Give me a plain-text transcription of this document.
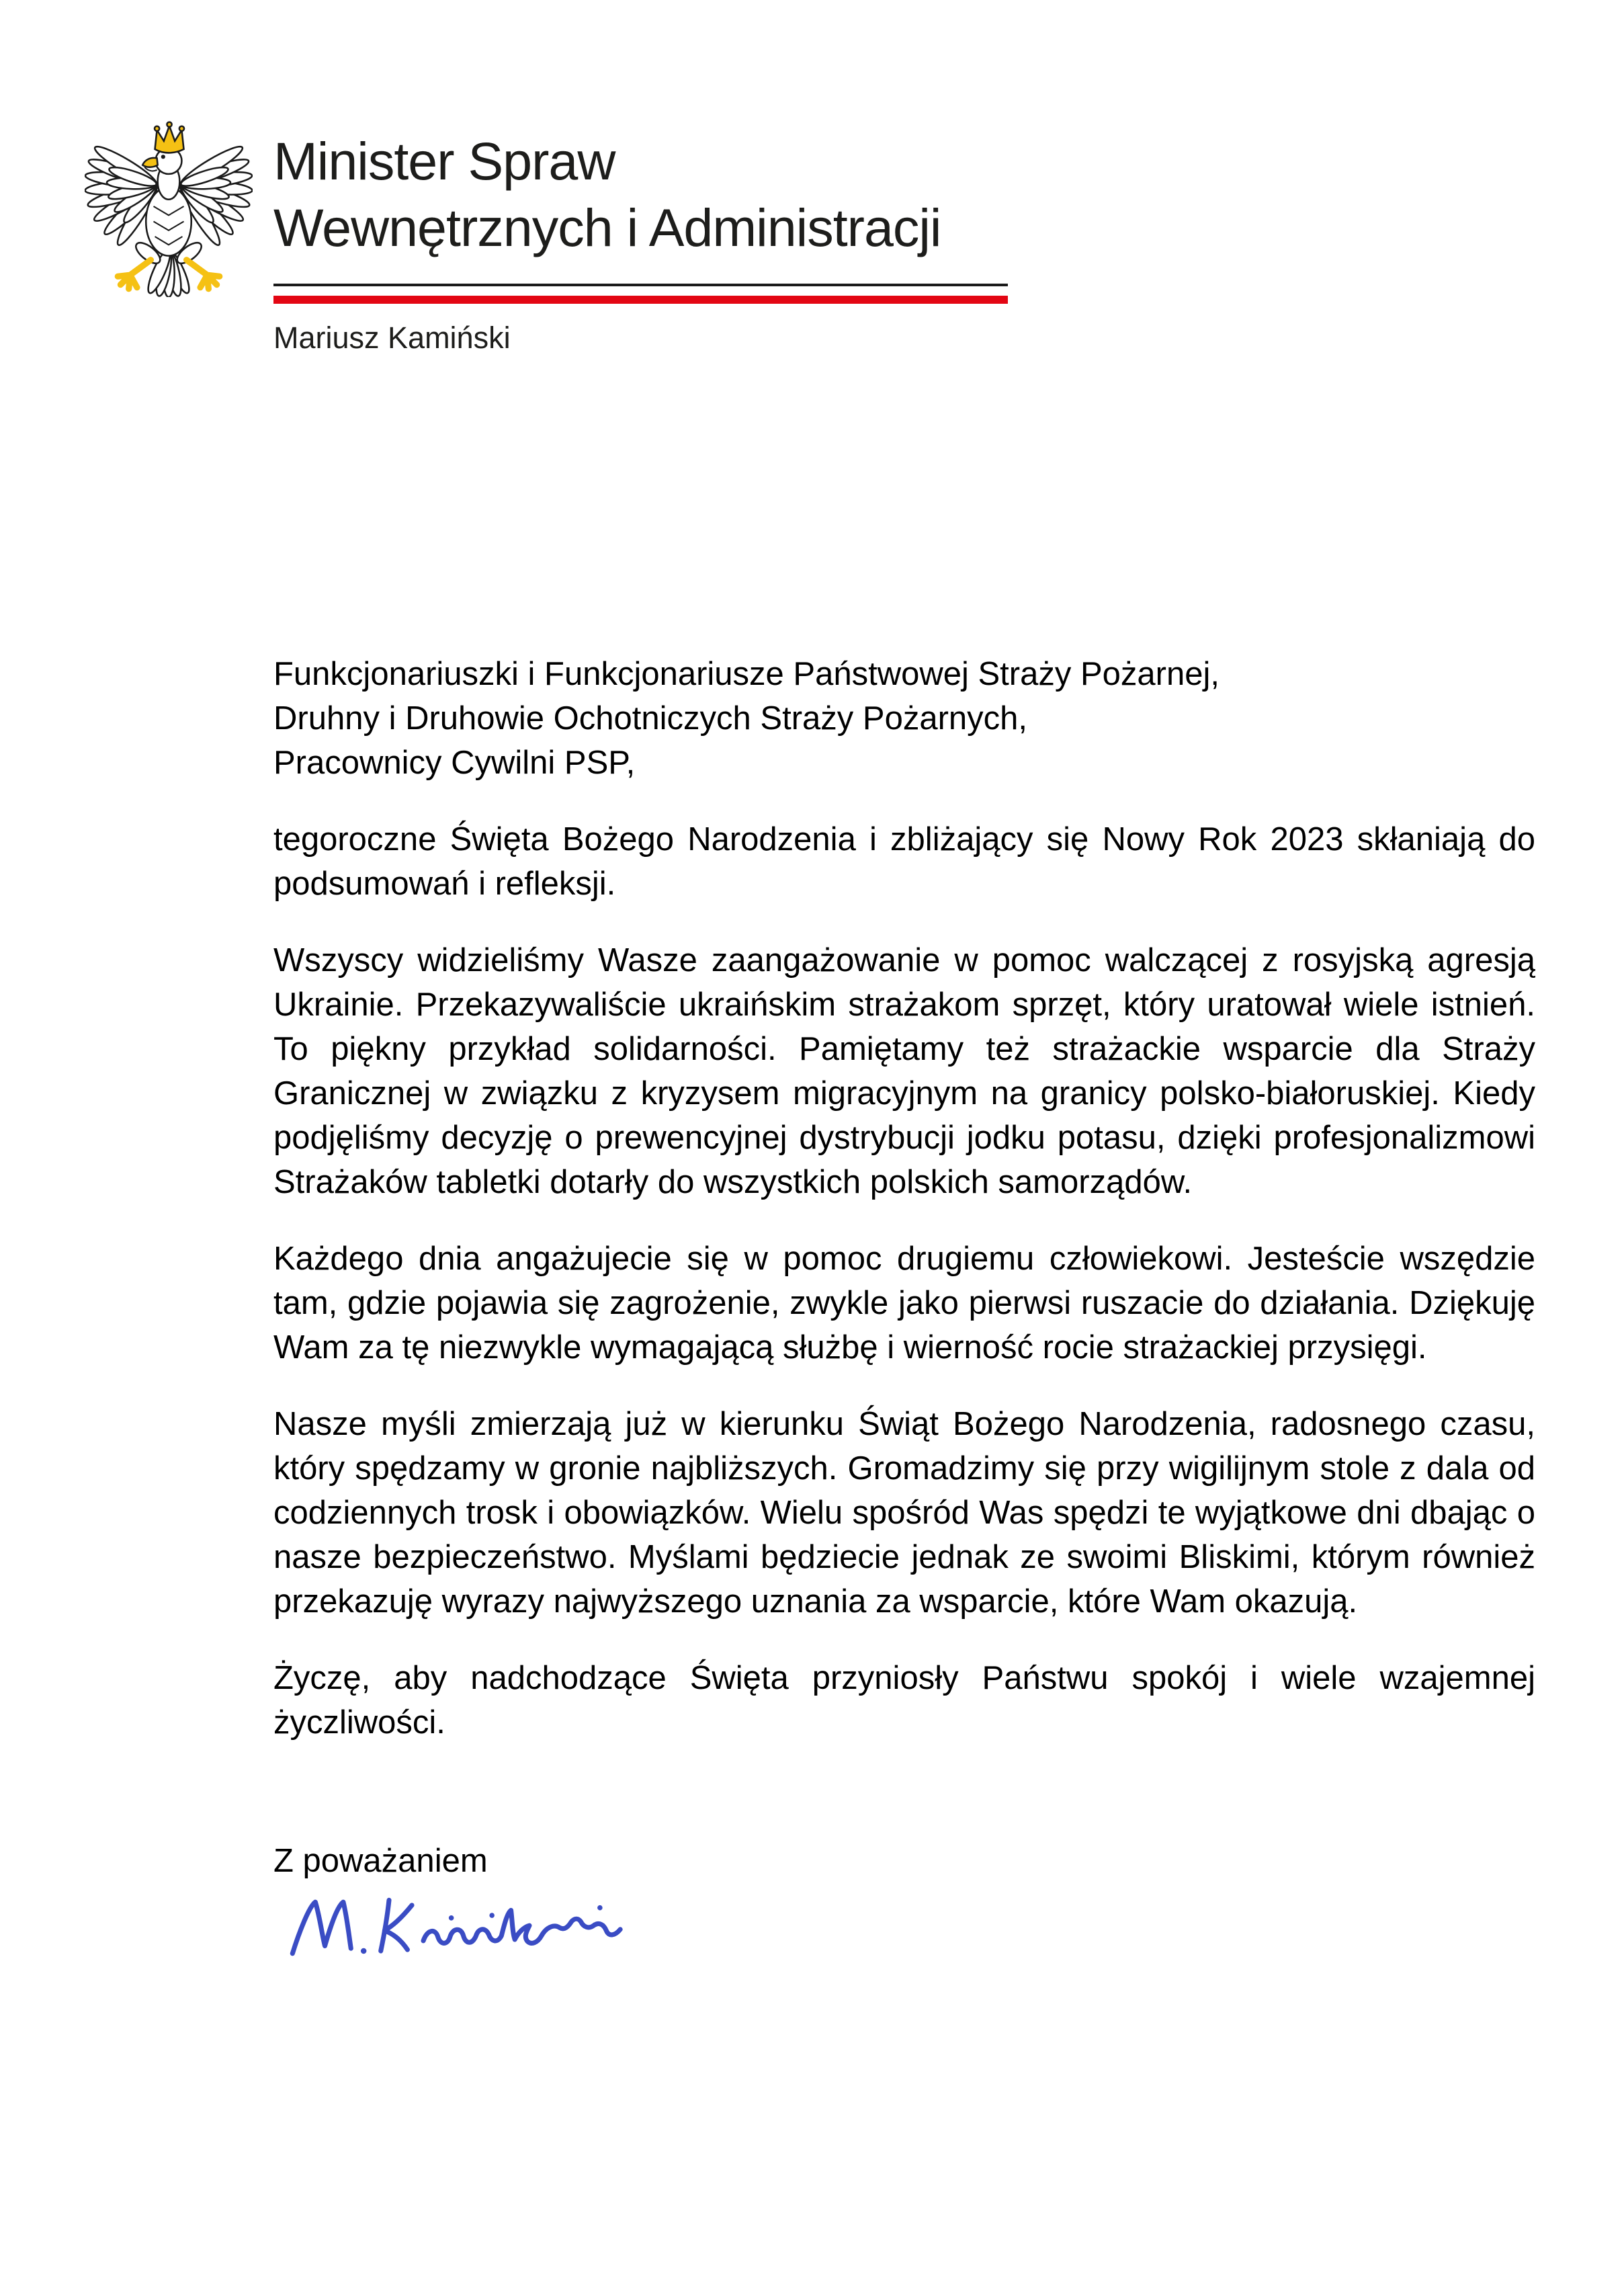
Minister Spraw
Wewnętrznych i Administracji
Mariusz Kamiński
Funkcjonariuszki i Funkcjonariusze Państwowej Straży Pożarnej,
Druhny i Druhowie Ochotniczych Straży Pożarnych,
Pracownicy Cywilni PSP,

tegoroczne Święta Bożego Narodzenia i zbliżający się Nowy Rok 2023 skłaniają do podsumowań i refleksji.

Wszyscy widzieliśmy Wasze zaangażowanie w pomoc walczącej z rosyjską agresją Ukrainie. Przekazywaliście ukraińskim strażakom sprzęt, który uratował wiele istnień. To piękny przykład solidarności. Pamiętamy też strażackie wsparcie dla Straży Granicznej w związku z kryzysem migracyjnym na granicy polsko-białoruskiej. Kiedy podjęliśmy decyzję o prewencyjnej dystrybucji jodku potasu, dzięki profesjonalizmowi Strażaków tabletki dotarły do wszystkich polskich samorządów.

Każdego dnia angażujecie się w pomoc drugiemu człowiekowi. Jesteście wszędzie tam, gdzie pojawia się zagrożenie, zwykle jako pierwsi ruszacie do działania. Dziękuję Wam za tę niezwykle wymagającą służbę i wierność rocie strażackiej przysięgi.

Nasze myśli zmierzają już w kierunku Świąt Bożego Narodzenia, radosnego czasu, który spędzamy w gronie najbliższych. Gromadzimy się przy wigilijnym stole z dala od codziennych trosk i obowiązków. Wielu spośród Was spędzi te wyjątkowe dni dbając o nasze bezpieczeństwo. Myślami będziecie jednak ze swoimi Bliskimi, którym również przekazuję wyrazy najwyższego uznania za wsparcie, które Wam okazują.

Życzę, aby nadchodzące Święta przyniosły Państwu spokój i wiele wzajemnej życzliwości.

Z poważaniem
